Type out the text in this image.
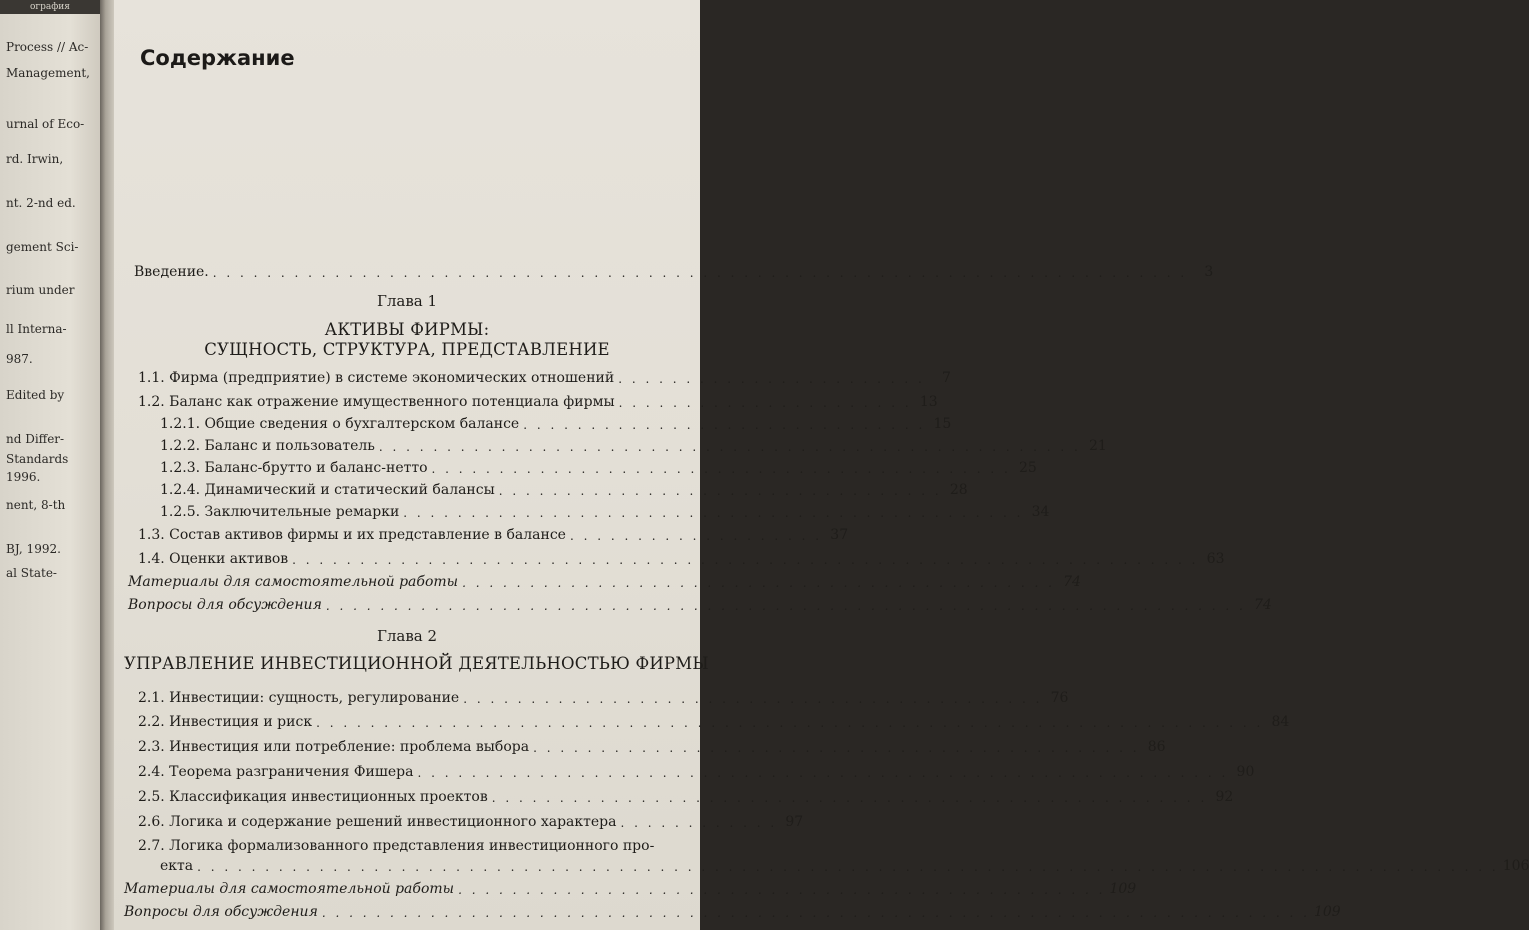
ография
Process // Ac-
Management,
urnal of Eco-
rd. Irwin,
nt. 2-nd ed.
gement Sci-
rium under
ll Interna-
987.
Edited by
nd Differ-
Standards
1996.
nent, 8-th
BJ, 1992.
al State-
Содержание
Введение. . . . . . . . . . . . . . . . . . . . . . . . . . . . . . . . . . . . . . . . . . . . . . . . . . . . . . . . . . . . . . . . . . . . . . . . .	3
Глава 1
АКТИВЫ ФИРМЫ:
СУЩНОСТЬ, СТРУКТУРА, ПРЕДСТАВЛЕНИЕ
1.1. Фирма (предприятие) в системе экономических отношений . . . . . . . . . . . . . . . . . . . . . . .	7
1.2. Баланс как отражение имущественного потенциала фирмы . . . . . . . . . . . . . . . . . . . . . . 13
1.2.1. Общие сведения о бухгалтерском балансе . . . . . . . . . . . . . . . . . . . . . . . . . . . . . . 15
1.2.2. Баланс и пользователь . . . . . . . . . . . . . . . . . . . . . . . . . . . . . . . . . . . . . . . . . . . . . . . . . . . . 21
1.2.3. Баланс-брутто и баланс-нетто . . . . . . . . . . . . . . . . . . . . . . . . . . . . . . . . . . . . . . . . . . . 25
1.2.4. Динамический и статический балансы . . . . . . . . . . . . . . . . . . . . . . . . . . . . . . . . . 28
1.2.5. Заключительные ремарки . . . . . . . . . . . . . . . . . . . . . . . . . . . . . . . . . . . . . . . . . . . . . . 34
1.3. Состав активов фирмы и их представление в балансе . . . . . . . . . . . . . . . . . . . 37
1.4. Оценки активов . . . . . . . . . . . . . . . . . . . . . . . . . . . . . . . . . . . . . . . . . . . . . . . . . . . . . . . . . . . . . . . . . . . 63
Материалы для самостоятельной работы . . . . . . . . . . . . . . . . . . . . . . . . . . . . . . . . . . . . . . . . . . . . 74
Вопросы для обсуждения . . . . . . . . . . . . . . . . . . . . . . . . . . . . . . . . . . . . . . . . . . . . . . . . . . . . . . . . . . . . . . . . . . . . 74
Глава 2
УПРАВЛЕНИЕ ИНВЕСТИЦИОННОЙ ДЕЯТЕЛЬНОСТЬЮ ФИРМЫ
2.1. Инвестиции: сущность, регулирование . . . . . . . . . . . . . . . . . . . . . . . . . . . . . . . . . . . . . . . . . . . 76
2.2. Инвестиция и риск . . . . . . . . . . . . . . . . . . . . . . . . . . . . . . . . . . . . . . . . . . . . . . . . . . . . . . . . . . . . . . . . . . . . . . 84
2.3. Инвестиция или потребление: проблема выбора . . . . . . . . . . . . . . . . . . . . . . . . . . . . . . . . . . . . . . . . . . . . . 86
2.4. Теорема разграничения Фишера . . . . . . . . . . . . . . . . . . . . . . . . . . . . . . . . . . . . . . . . . . . . . . . . . . . . . . . . . . . . 90
2.5. Классификация инвестиционных проектов . . . . . . . . . . . . . . . . . . . . . . . . . . . . . . . . . . . . . . . . . . . . . . . . . . . . . 92
2.6. Логика и содержание решений инвестиционного характера . . . . . . . . . . . . 97
2.7. Логика формализованного представления инвестиционного про-
екта . . . . . . . . . . . . . . . . . . . . . . . . . . . . . . . . . . . . . . . . . . . . . . . . . . . . . . . . . . . . . . . . . . . . . . . . . . . . . . . . . . . . . . . . . . . . . . . . 106
Материалы для самостоятельной работы . . . . . . . . . . . . . . . . . . . . . . . . . . . . . . . . . . . . . . . . . . . . . . . . 109
Вопросы для обсуждения . . . . . . . . . . . . . . . . . . . . . . . . . . . . . . . . . . . . . . . . . . . . . . . . . . . . . . . . . . . . . . . . . . . . . . . . . 109
